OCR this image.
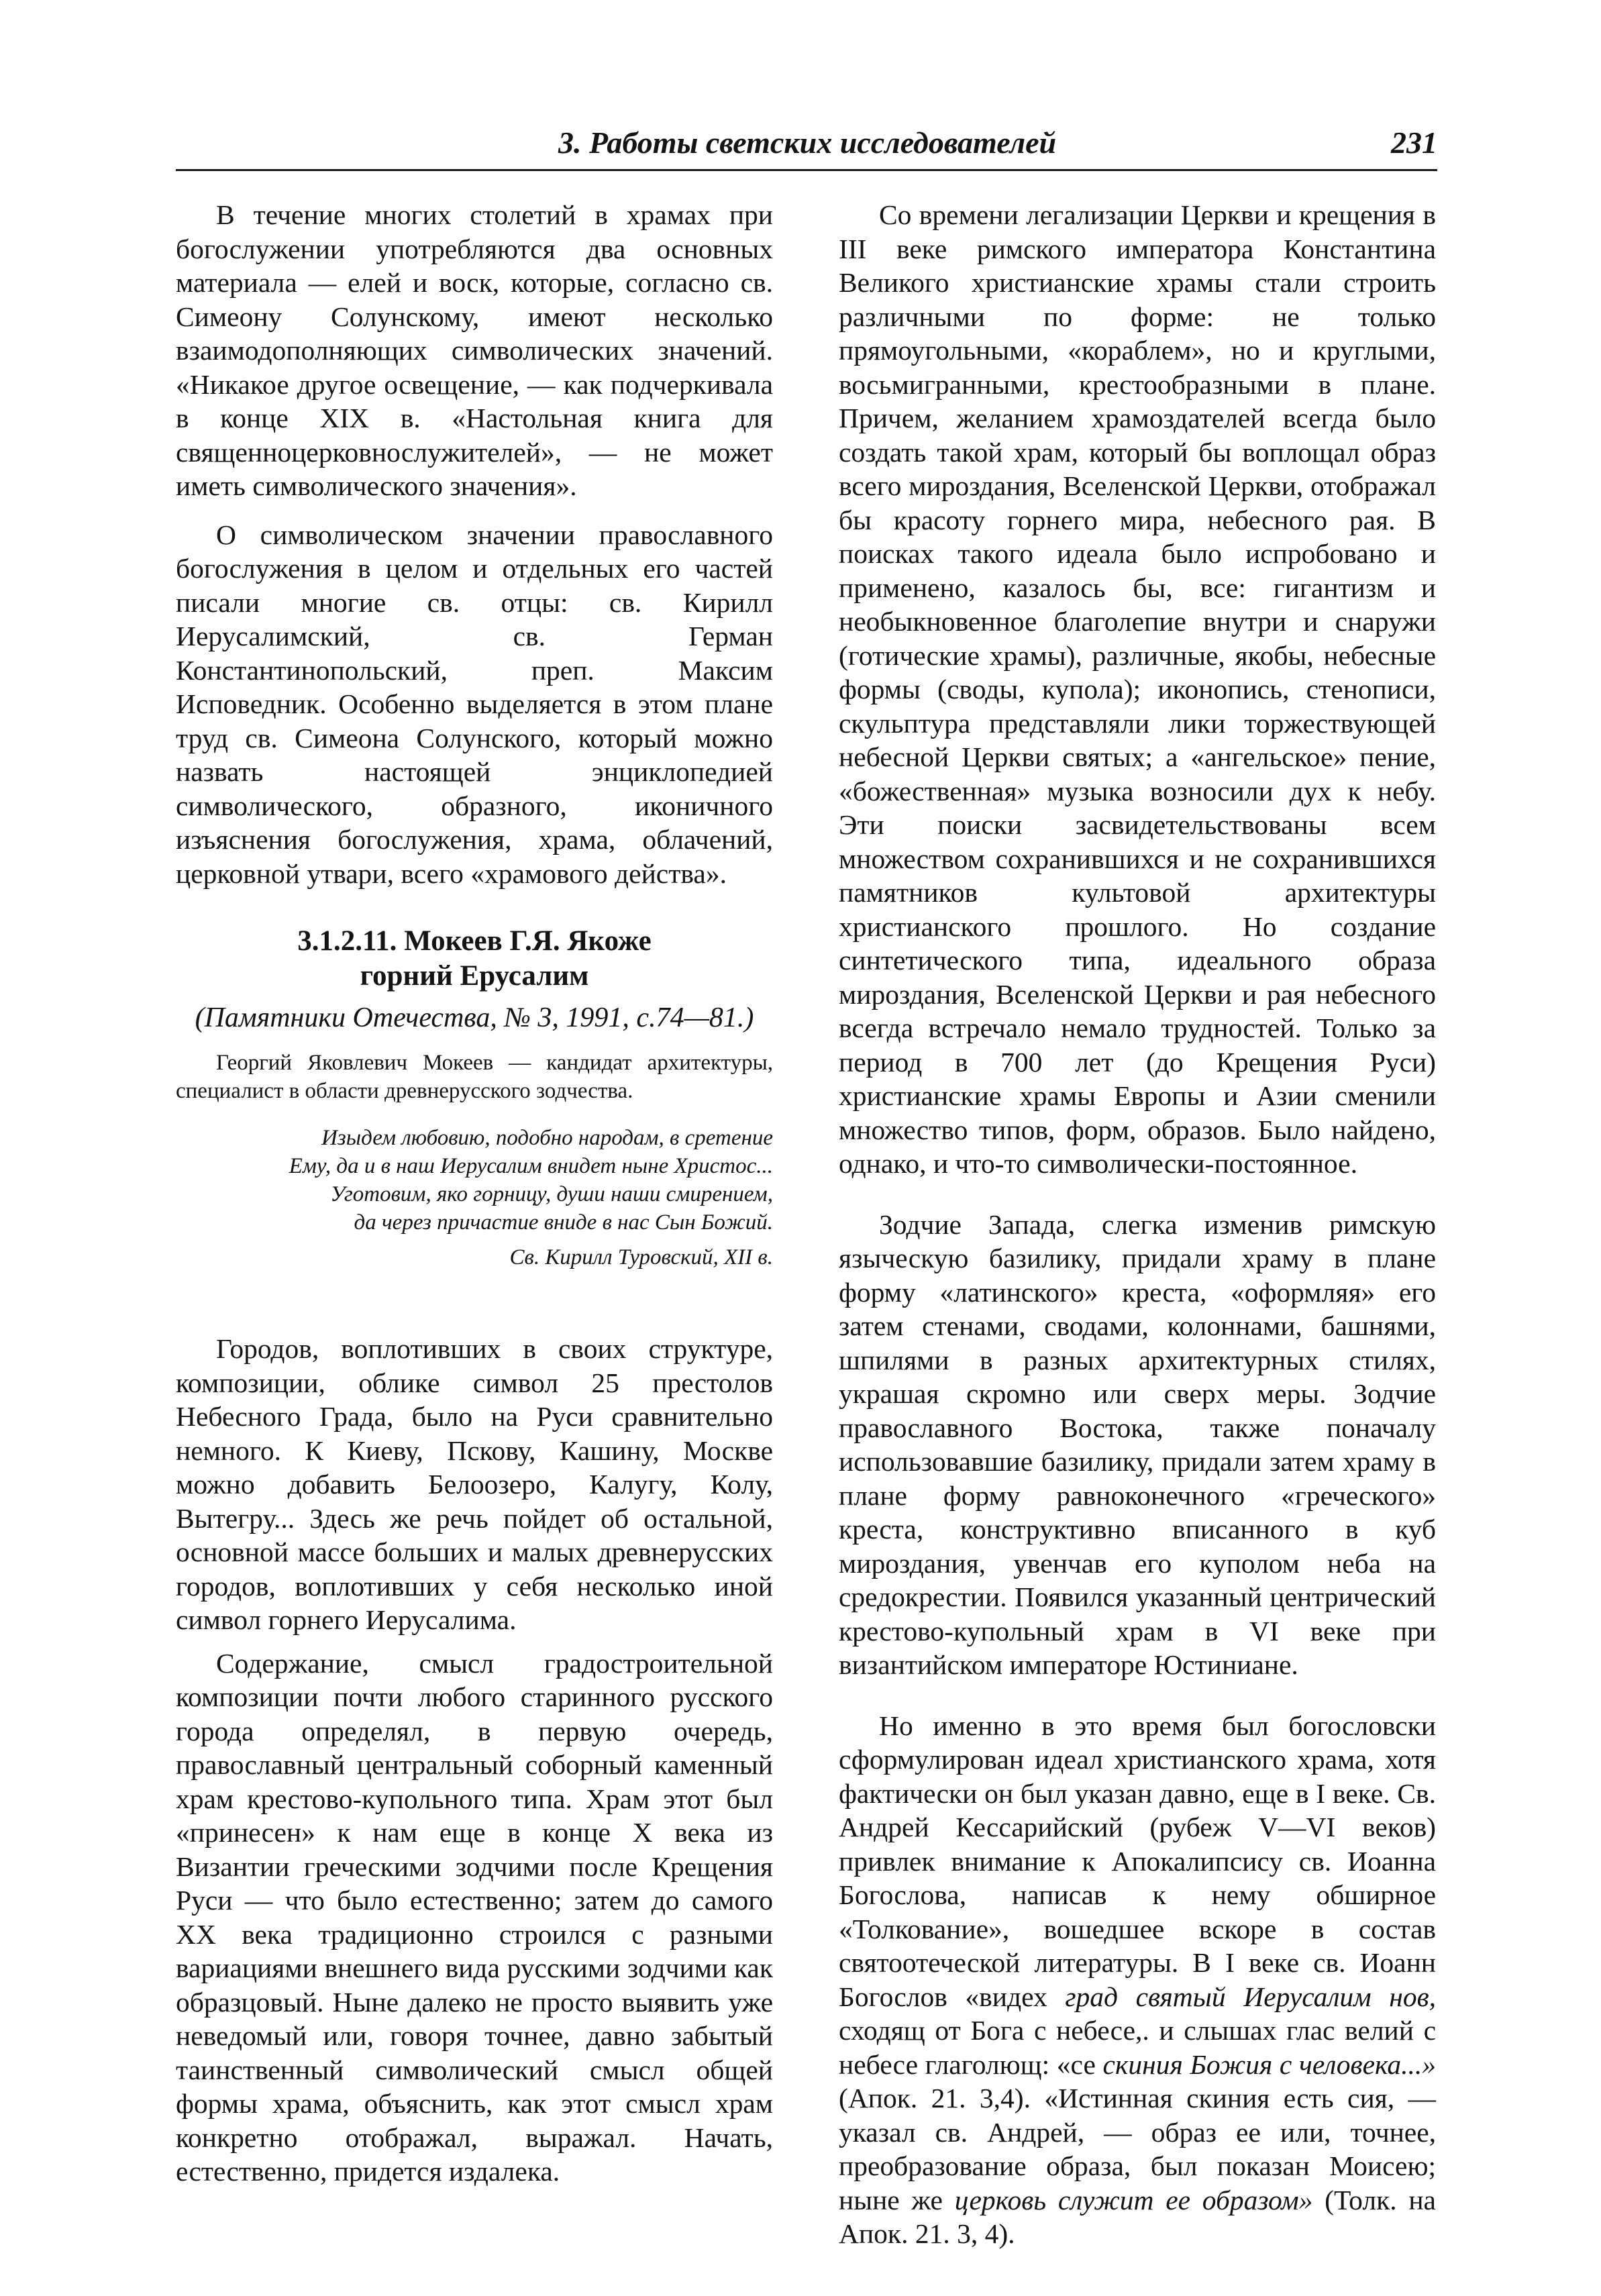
3. Работы светских исследователей	231

В течение многих столетий в храмах при богослужении употребляются два основных материала — елей и воск, которые, согласно св. Симеону Солунскому, имеют несколько взаимодополняющих символических значений. «Никакое другое освещение, — как подчеркивала в конце XIX в. «Настольная книга для священноцерковнослужителей», — не может иметь символического значения».

О символическом значении православного богослужения в целом и отдельных его частей писали многие св. отцы: св. Кирилл Иерусалимский, св. Герман Константинопольский, преп. Максим Исповедник. Особенно выделяется в этом плане труд св. Симеона Солунского, который можно назвать настоящей энциклопедией символического, образного, иконичного изъяснения богослужения, храма, облачений, церковной утвари, всего «храмового действа».

3.1.2.11. Мокеев Г.Я. Якоже
горний Ерусалим
(Памятники Отечества, № 3, 1991, с.74—81.)
Георгий Яковлевич Мокеев — кандидат архитектуры, специалист в области древнерусского зодчества.
Изыдем любовию, подобно народам, в сретение
Ему, да и в наш Иерусалим внидет ныне Христос...
Уготовим, яко горницу, души наши смирением,
да через причастие внидe в нас Сын Божий.
Св. Кирилл Туровский, XII в.

Городов, воплотивших в своих структуре, композиции, облике символ 25 престолов Небесного Града, было на Руси сравнительно немного. К Киеву, Пскову, Кашину, Москве можно добавить Белоозеро, Калугу, Колу, Вытегру... Здесь же речь пойдет об остальной, основной массе больших и малых древнерусских городов, воплотивших у себя несколько иной символ горнего Иерусалима.

Содержание, смысл градостроительной композиции почти любого старинного русского города определял, в первую очередь, православный центральный соборный каменный храм крестово-купольного типа. Храм этот был «принесен» к нам еще в конце X века из Византии греческими зодчими после Крещения Руси — что было естественно; затем до самого XX века традиционно строился с разными вариациями внешнего вида русскими зодчими как образцовый. Ныне далеко не просто выявить уже неведомый или, говоря точнее, давно забытый таинственный символический смысл общей формы храма, объяснить, как этот смысл храм конкретно отображал, выражал. Начать, естественно, придется издалека.

Со времени легализации Церкви и крещения в III веке римского императора Константина Великого христианские храмы стали строить различными по форме: не только прямоугольными, «кораблем», но и круглыми, восьмигранными, крестообразными в плане. Причем, желанием храмоздателей всегда было создать такой храм, который бы воплощал образ всего мироздания, Вселенской Церкви, отображал бы красоту горнего мира, небесного рая. В поисках такого идеала было испробовано и применено, казалось бы, все: гигантизм и необыкновенное благолепие внутри и снаружи (готические храмы), различные, якобы, небесные формы (своды, купола); иконопись, стенописи, скульптура представляли лики торжествующей небесной Церкви святых; а «ангельское» пение, «божественная» музыка возносили дух к небу. Эти поиски засвидетельствованы всем множеством сохранившихся и не сохранившихся памятников культовой архитектуры христианского прошлого. Но создание синтетического типа, идеального образа мироздания, Вселенской Церкви и рая небесного всегда встречало немало трудностей. Только за период в 700 лет (до Крещения Руси) христианские храмы Европы и Азии сменили множество типов, форм, образов. Было найдено, однако, и что-то символически-постоянное.

Зодчие Запада, слегка изменив римскую языческую базилику, придали храму в плане форму «латинского» креста, «оформляя» его затем стенами, сводами, колоннами, башнями, шпилями в разных архитектурных стилях, украшая скромно или сверх меры. Зодчие православного Востока, также поначалу использовавшие базилику, придали затем храму в плане форму равноконечного «греческого» креста, конструктивно вписанного в куб мироздания, увенчав его куполом неба на средокрестии. Появился указанный центрический крестово-купольный храм в VI веке при византийском императоре Юстиниане.

Но именно в это время был богословски сформулирован идеал христианского храма, хотя фактически он был указан давно, еще в I веке. Св. Андрей Кессарийский (рубеж V—VI веков) привлек внимание к Апокалипсису св. Иоанна Богослова, написав к нему обширное «Толкование», вошедшее вскоре в состав святоотеческой литературы. В I веке св. Иоанн Богослов «видех град святый Иерусалим нов, сходящ от Бога с небесе,. и слышах глас велий с небесе глаголющ: «се скиния Божия с человека...» (Апок. 21. 3,4). «Истинная скиния есть сия, — указал св. Андрей, — образ ее или, точнее, преобразование образа, был показан Моисею; ныне же церковь служит ее образом» (Толк. на Апок. 21. 3, 4).
